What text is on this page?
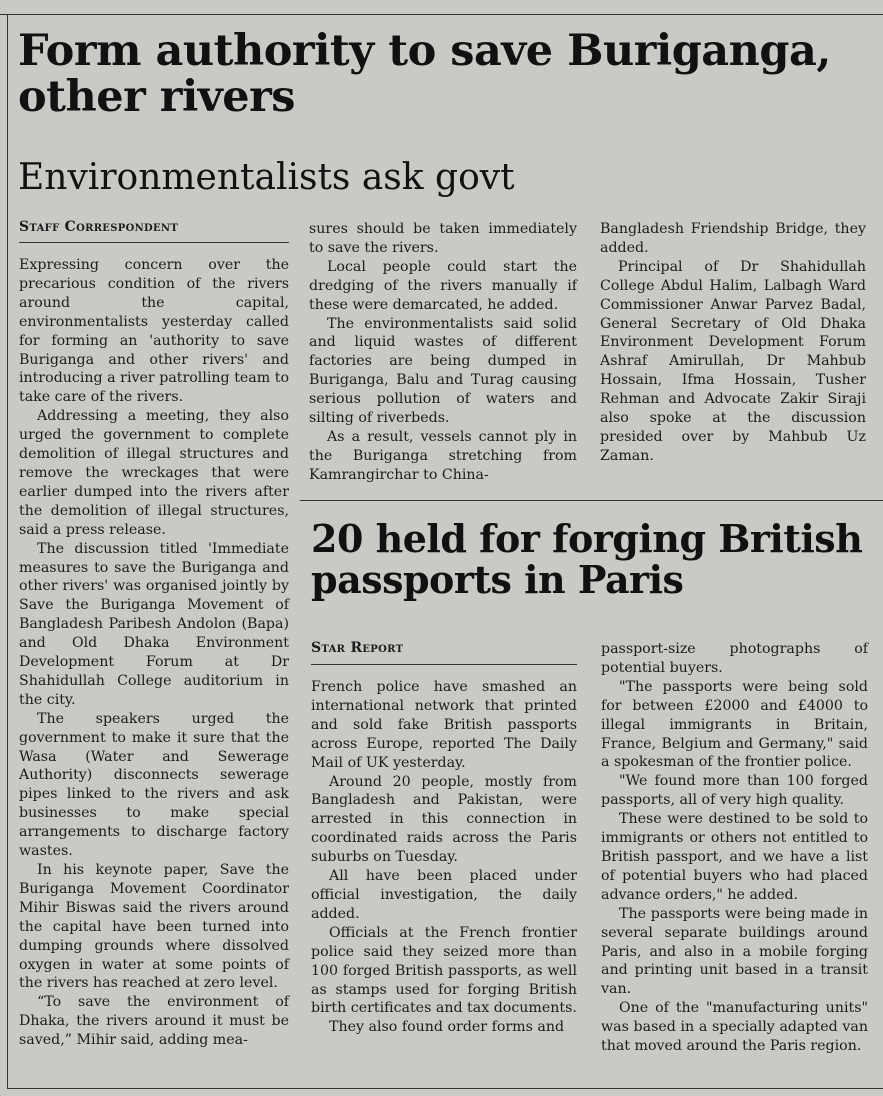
Form authority to save Buriganga, other rivers
Environmentalists ask govt
Staff Correspondent

Expressing concern over the precarious condition of the rivers around the capital, environmentalists yesterday called for forming an 'authority to save Buriganga and other rivers' and introducing a river patrolling team to take care of the rivers.

Addressing a meeting, they also urged the government to complete demolition of illegal structures and remove the wreckages that were earlier dumped into the rivers after the demolition of illegal structures, said a press release.

The discussion titled 'Immediate measures to save the Buriganga and other rivers' was organised jointly by Save the Buriganga Movement of Bangladesh Paribesh Andolon (Bapa) and Old Dhaka Environment Development Forum at Dr Shahidullah College auditorium in the city.

The speakers urged the government to make it sure that the Wasa (Water and Sewerage Authority) disconnects sewerage pipes linked to the rivers and ask businesses to make special arrangements to discharge factory wastes.

In his keynote paper, Save the Buriganga Movement Coordinator Mihir Biswas said the rivers around the capital have been turned into dumping grounds where dissolved oxygen in water at some points of the rivers has reached at zero level.

“To save the environment of Dhaka, the rivers around it must be saved,” Mihir said, adding mea-

sures should be taken immediately to save the rivers.

Local people could start the dredging of the rivers manually if these were demarcated, he added.

The environmentalists said solid and liquid wastes of different factories are being dumped in Buriganga, Balu and Turag causing serious pollution of waters and silting of riverbeds.

As a result, vessels cannot ply in the Buriganga stretching from Kamrangirchar to China-

Bangladesh Friendship Bridge, they added.

Principal of Dr Shahidullah College Abdul Halim, Lalbagh Ward Commissioner Anwar Parvez Badal, General Secretary of Old Dhaka Environment Development Forum Ashraf Amirullah, Dr Mahbub Hossain, Ifma Hossain, Tusher Rehman and Advocate Zakir Siraji also spoke at the discussion presided over by Mahbub Uz Zaman.

20 held for forging British passports in Paris
Star Report

French police have smashed an international network that printed and sold fake British passports across Europe, reported The Daily Mail of UK yesterday.

Around 20 people, mostly from Bangladesh and Pakistan, were arrested in this connection in coordinated raids across the Paris suburbs on Tuesday.

All have been placed under official investigation, the daily added.

Officials at the French frontier police said they seized more than 100 forged British passports, as well as stamps used for forging British birth certificates and tax documents.

They also found order forms and

passport-size photographs of potential buyers.

"The passports were being sold for between £2000 and £4000 to illegal immigrants in Britain, France, Belgium and Germany," said a spokesman of the frontier police.

"We found more than 100 forged passports, all of very high quality.

These were destined to be sold to immigrants or others not entitled to British passport, and we have a list of potential buyers who had placed advance orders," he added.

The passports were being made in several separate buildings around Paris, and also in a mobile forging and printing unit based in a transit van.

One of the "manufacturing units" was based in a specially adapted van that moved around the Paris region.
